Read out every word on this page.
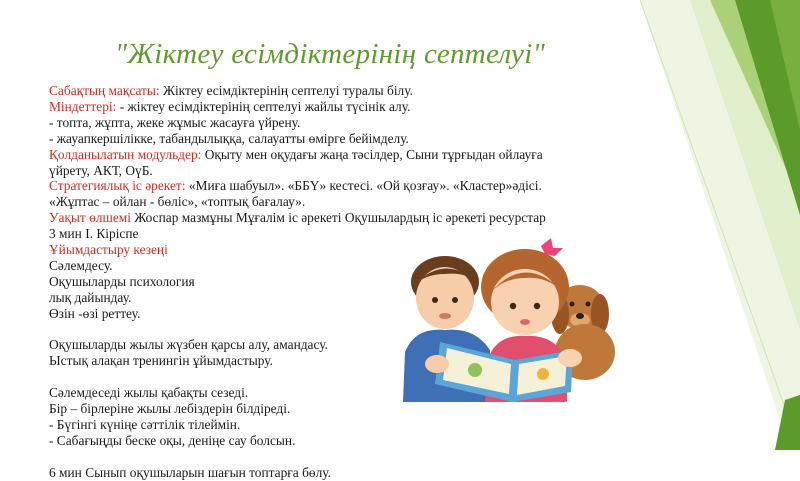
"Жіктеу есімдіктерінің септелуі"

Сабақтың мақсаты: Жіктеу есімдіктерінің септелуі туралы білу.

Міндеттері: - жіктеу есімдіктерінің септелуі жайлы түсінік алу.

- топта, жұпта, жеке жұмыс жасауға үйрену.

- жауапкершілікке, табандылыққа, салауатты өмірге бейімделу.

Қолданылатын модульдер: Оқыту мен оқудағы жаңа тәсілдер, Сыни тұрғыдан ойлауға

үйрету, АКТ, ОүБ.

Стратегиялық іс әрекет: «Миға шабуыл». «ББҮ» кестесі. «Ой қозғау». «Кластер»әдісі.

«Жұптас – ойлан - бөліс», «топтық бағалау».

Уақыт өлшемі Жоспар мазмұны Мұғалім іс әрекеті Оқушылардың іс әрекеті ресурстар

3 мин І. Кіріспе

Ұйымдастыру кезеңі

Сәлемдесу.

Оқушыларды психология

лық дайындау.

Өзін -өзі реттеу.

Оқушыларды жылы жүзбен қарсы алу, амандасу.

Ыстық алақан тренингін ұйымдастыру.

Сәлемдеседі жылы қабақты сезеді.

Бір – бірлеріне жылы лебіздерін білдіреді.

- Бүгінгі күніңе сәттілік тілеймін.

- Сабағыңды беске оқы, деніңе сау болсын.

6 мин Сынып оқушыларын шағын топтарға бөлу.
